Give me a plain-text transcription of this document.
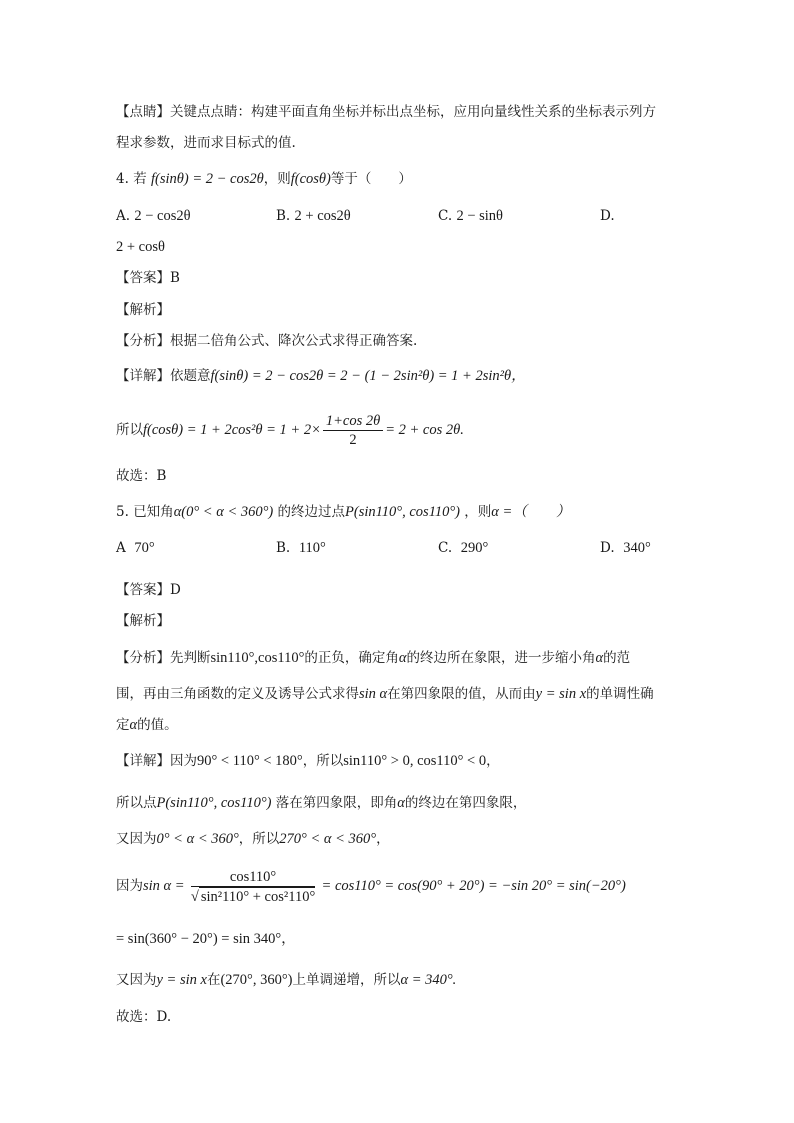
【点睛】关键点点睛：构建平面直角坐标并标出点坐标，应用向量线性关系的坐标表示列方
程求参数，进而求目标式的值.
4. 若 f(sinθ) = 2 − cos2θ，则f(cosθ)等于（　　）
A. 2 − cos2θ	B. 2 + cos2θ	C. 2 − sinθ	D.
2 + cosθ
【答案】B
【解析】
【分析】根据二倍角公式、降次公式求得正确答案.
【详解】依题意f(sinθ) = 2 − cos2θ = 2 − (1 − 2sin²θ) = 1 + 2sin²θ，
所以$f(\cos\theta) = 1 + 2\cos^2\theta = 1 + 2\times \frac{1+\cos 2\theta}{2} = 2 + \cos 2\theta$.
故选：B
5. 已知角α(0° < α < 360°) 的终边过点P(sin110°, cos110°) ，则α =（　　）
A 70°	B. 110°	C. 290°	D. 340°
【答案】D
【解析】
【分析】先判断sin110°,cos110°的正负，确定角α的终边所在象限，进一步缩小角α的范
围，再由三角函数的定义及诱导公式求得sin α在第四象限的值，从而由y = sin x的单调性确
定α的值。
【详解】因为90° < 110° < 180°，所以sin110° > 0, cos110° < 0，
所以点P(sin110°, cos110°) 落在第四象限，即角α的终边在第四象限，
又因为0° < α < 360°，所以270° < α < 360°，
因为$\sin \alpha = \frac{\cos 110^\circ}{\text{√ sin²110° + cos²110°}} = \cos 110^\circ = \cos(90^\circ + 20^\circ) = -\sin$ 20° = sin(−20°)
= sin(360° − 20°) = sin 340°，
又因为y = sin x在(270°, 360°)上单调递增，所以α = 340°.
故选：D.
